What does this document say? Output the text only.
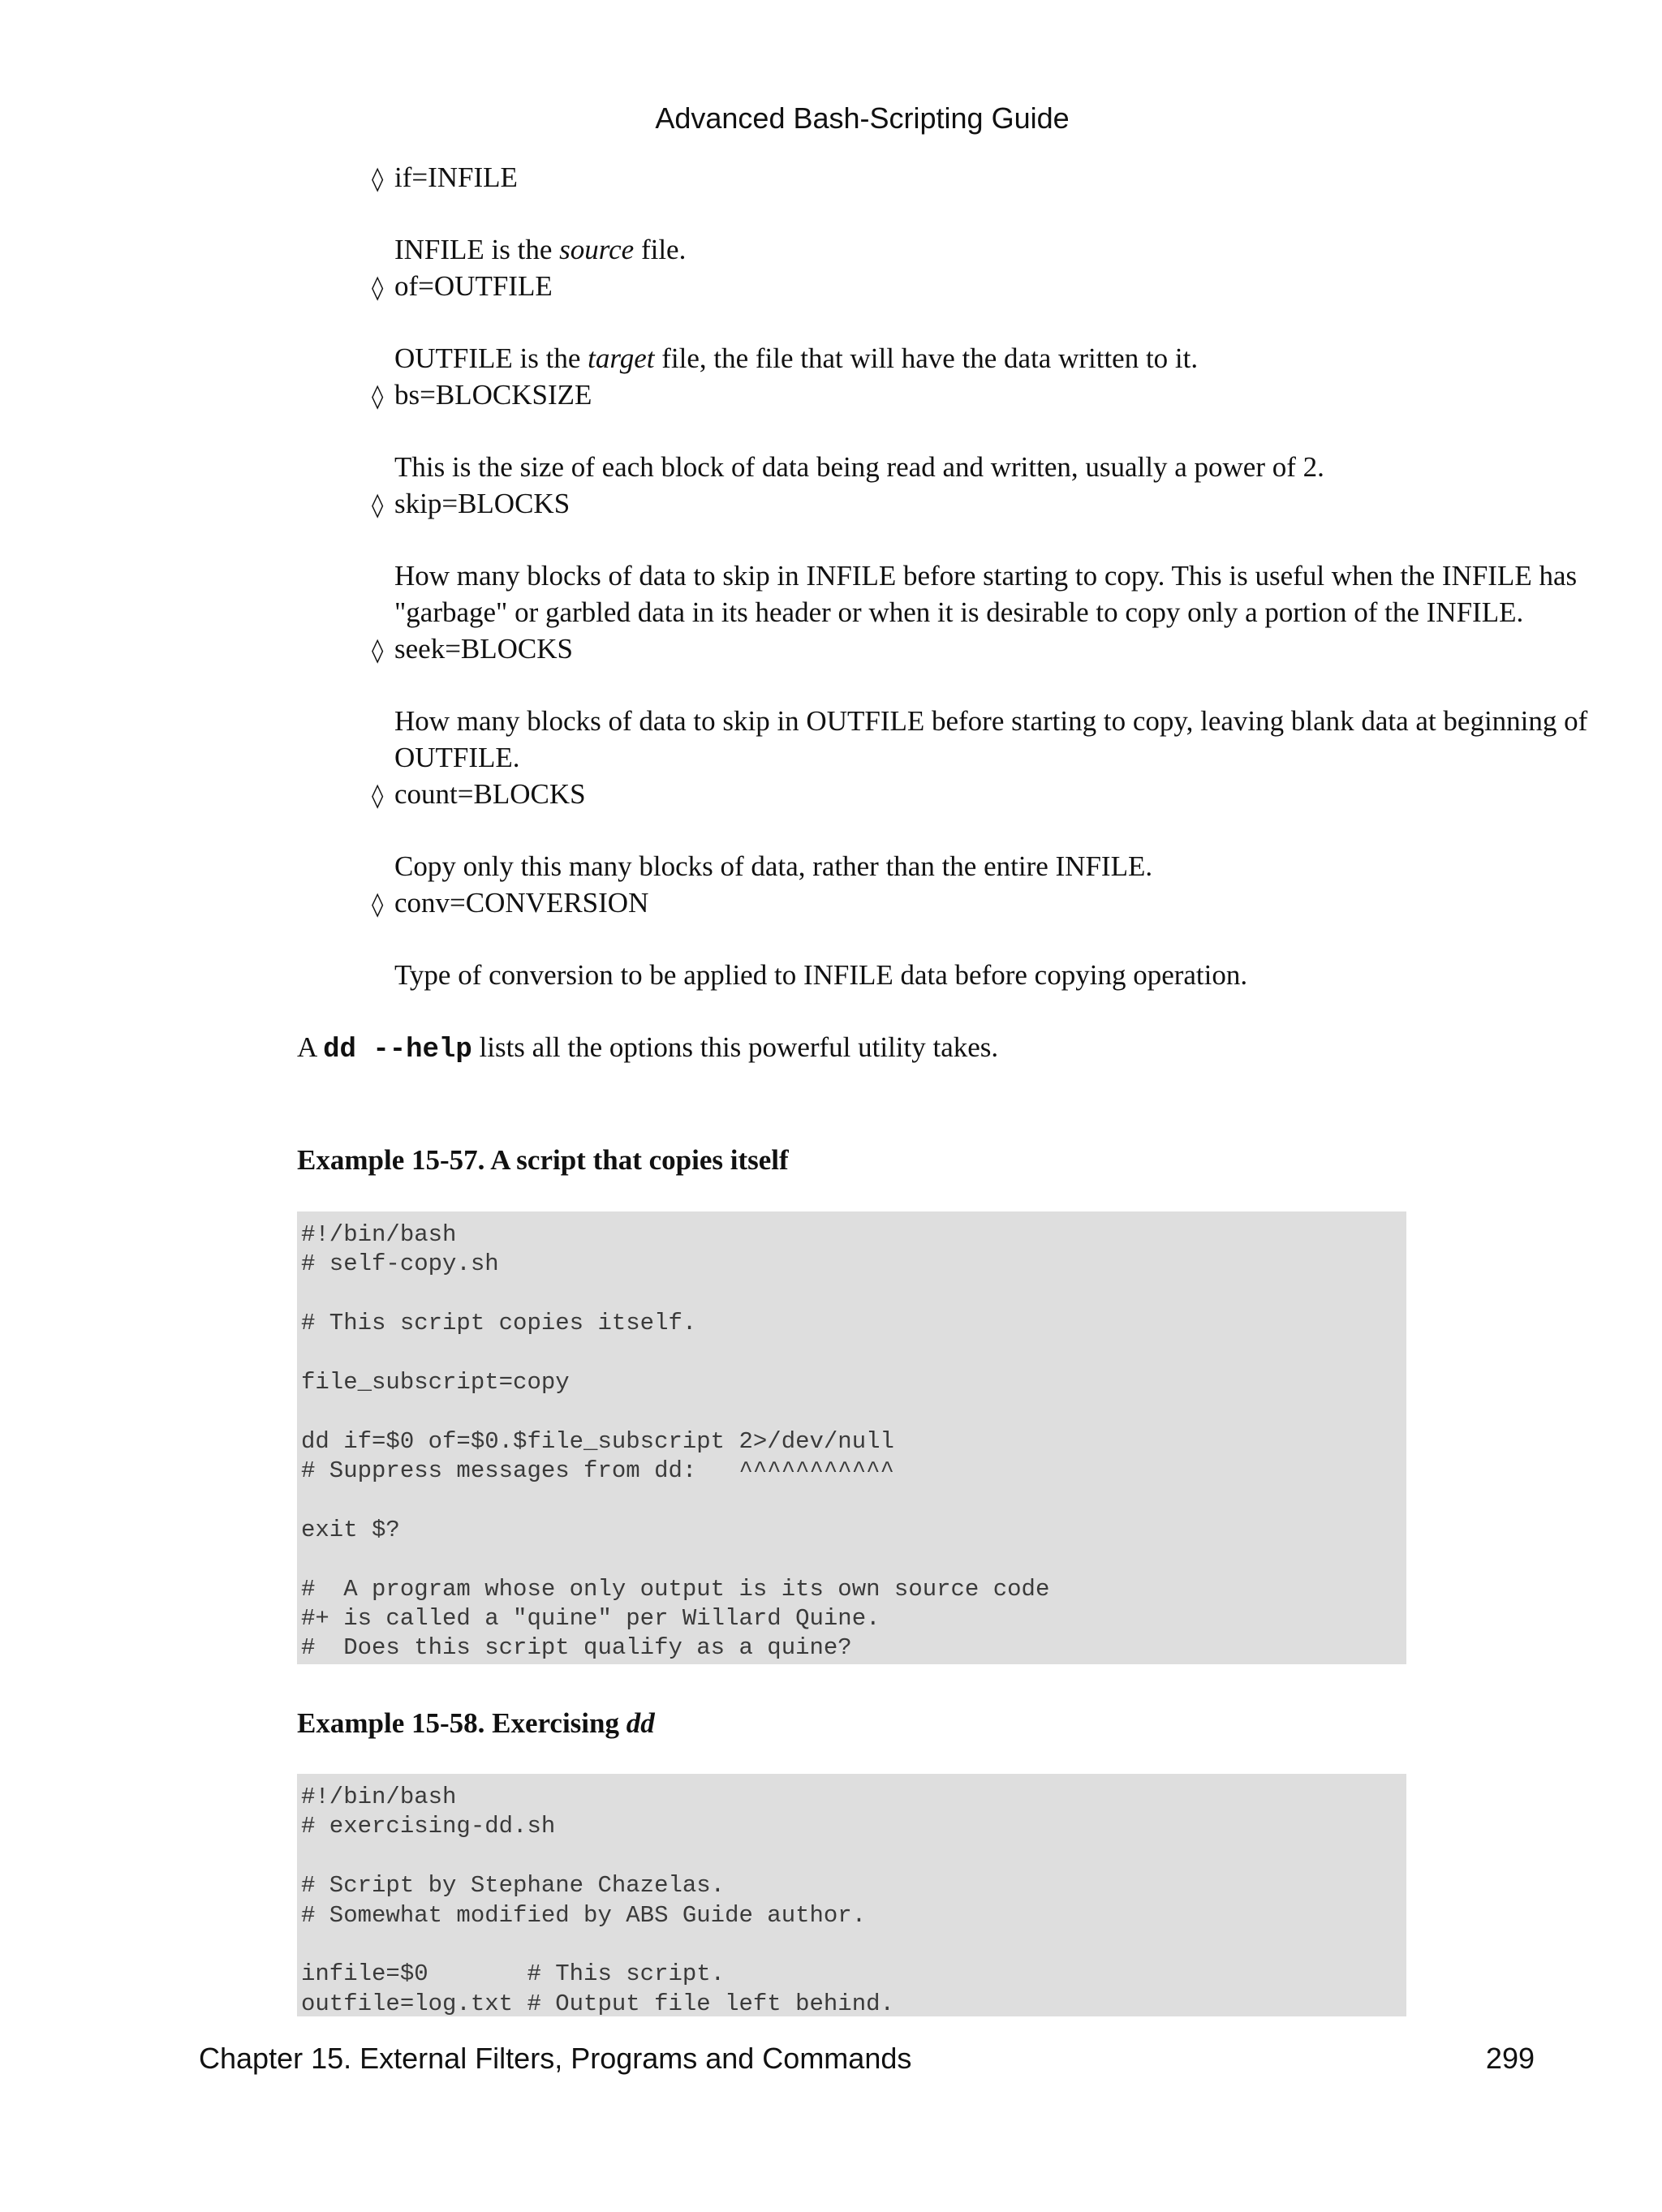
Advanced Bash-Scripting Guide
◊ if=INFILE
INFILE is the source file.
◊ of=OUTFILE
OUTFILE is the target file, the file that will have the data written to it.
◊ bs=BLOCKSIZE
This is the size of each block of data being read and written, usually a power of 2.
◊ skip=BLOCKS
How many blocks of data to skip in INFILE before starting to copy. This is useful when the INFILE has "garbage" or garbled data in its header or when it is desirable to copy only a portion of the INFILE.
◊ seek=BLOCKS
How many blocks of data to skip in OUTFILE before starting to copy, leaving blank data at beginning of OUTFILE.
◊ count=BLOCKS
Copy only this many blocks of data, rather than the entire INFILE.
◊ conv=CONVERSION
Type of conversion to be applied to INFILE data before copying operation.
A dd --help lists all the options this powerful utility takes.
Example 15-57. A script that copies itself
#!/bin/bash
# self-copy.sh
# This script copies itself.
file_subscript=copy
dd if=$0 of=$0.$file_subscript 2>/dev/null
# Suppress messages from dd:   ^^^^^^^^^^^
exit $?
#  A program whose only output is its own source code
#+ is called a "quine" per Willard Quine.
#  Does this script qualify as a quine?
Example 15-58. Exercising dd
#!/bin/bash
# exercising-dd.sh
# Script by Stephane Chazelas.
# Somewhat modified by ABS Guide author.
infile=$0       # This script.
outfile=log.txt # Output file left behind.
Chapter 15. External Filters, Programs and Commands	299
